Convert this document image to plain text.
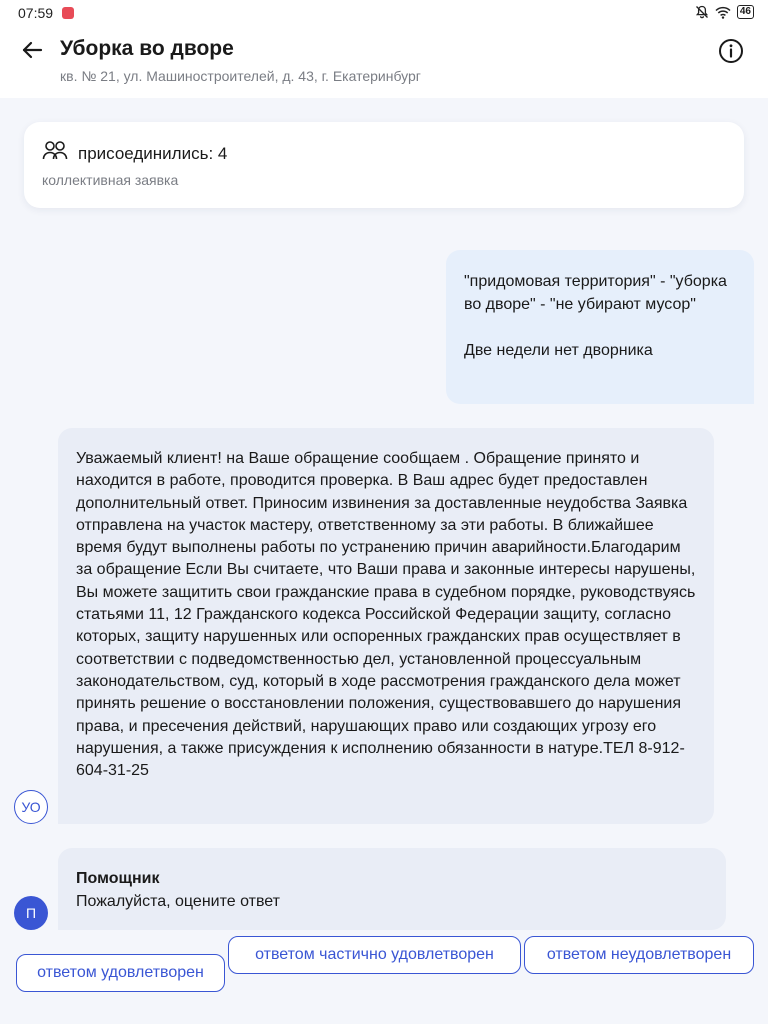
07:59	46
Уборка во дворе
кв. № 21, ул. Машиностроителей, д. 43, г. Екатеринбург
присоединились: 4
коллективная заявка

"придомовая территория" - "уборка во дворе" - "не убирают мусор"

Две недели нет дворника

Уважаемый клиент! на Ваше обращение сообщаем . Обращение принято и находится в работе, проводится проверка. В Ваш адрес будет предоставлен дополнительный ответ. Приносим извинения за доставленные неудобства Заявка отправлена на участок мастеру, ответственному за эти работы. В ближайшее время будут выполнены работы по устранению причин аварийности.Благодарим за обращение Если Вы считаете, что Ваши права и законные интересы нарушены, Вы можете защитить свои гражданские права в судебном порядке, руководствуясь статьями 11, 12 Гражданского кодекса Российской Федерации защиту, согласно которых, защиту нарушенных или оспоренных гражданских прав осуществляет в соответствии с подведомственностью дел, установленной процессуальным законодательством, суд, который в ходе рассмотрения гражданского дела может принять решение о восстановлении положения, существовавшего до нарушения права, и пресечения действий, нарушающих право или создающих угрозу его нарушения, а также присуждения к исполнению обязанности в натуре.ТЕЛ 8-912-604-31-25
УО
Помощник
Пожалуйста, оцените ответ
П
ответом частично удовлетворен	ответом неудовлетворен
ответом удовлетворен
